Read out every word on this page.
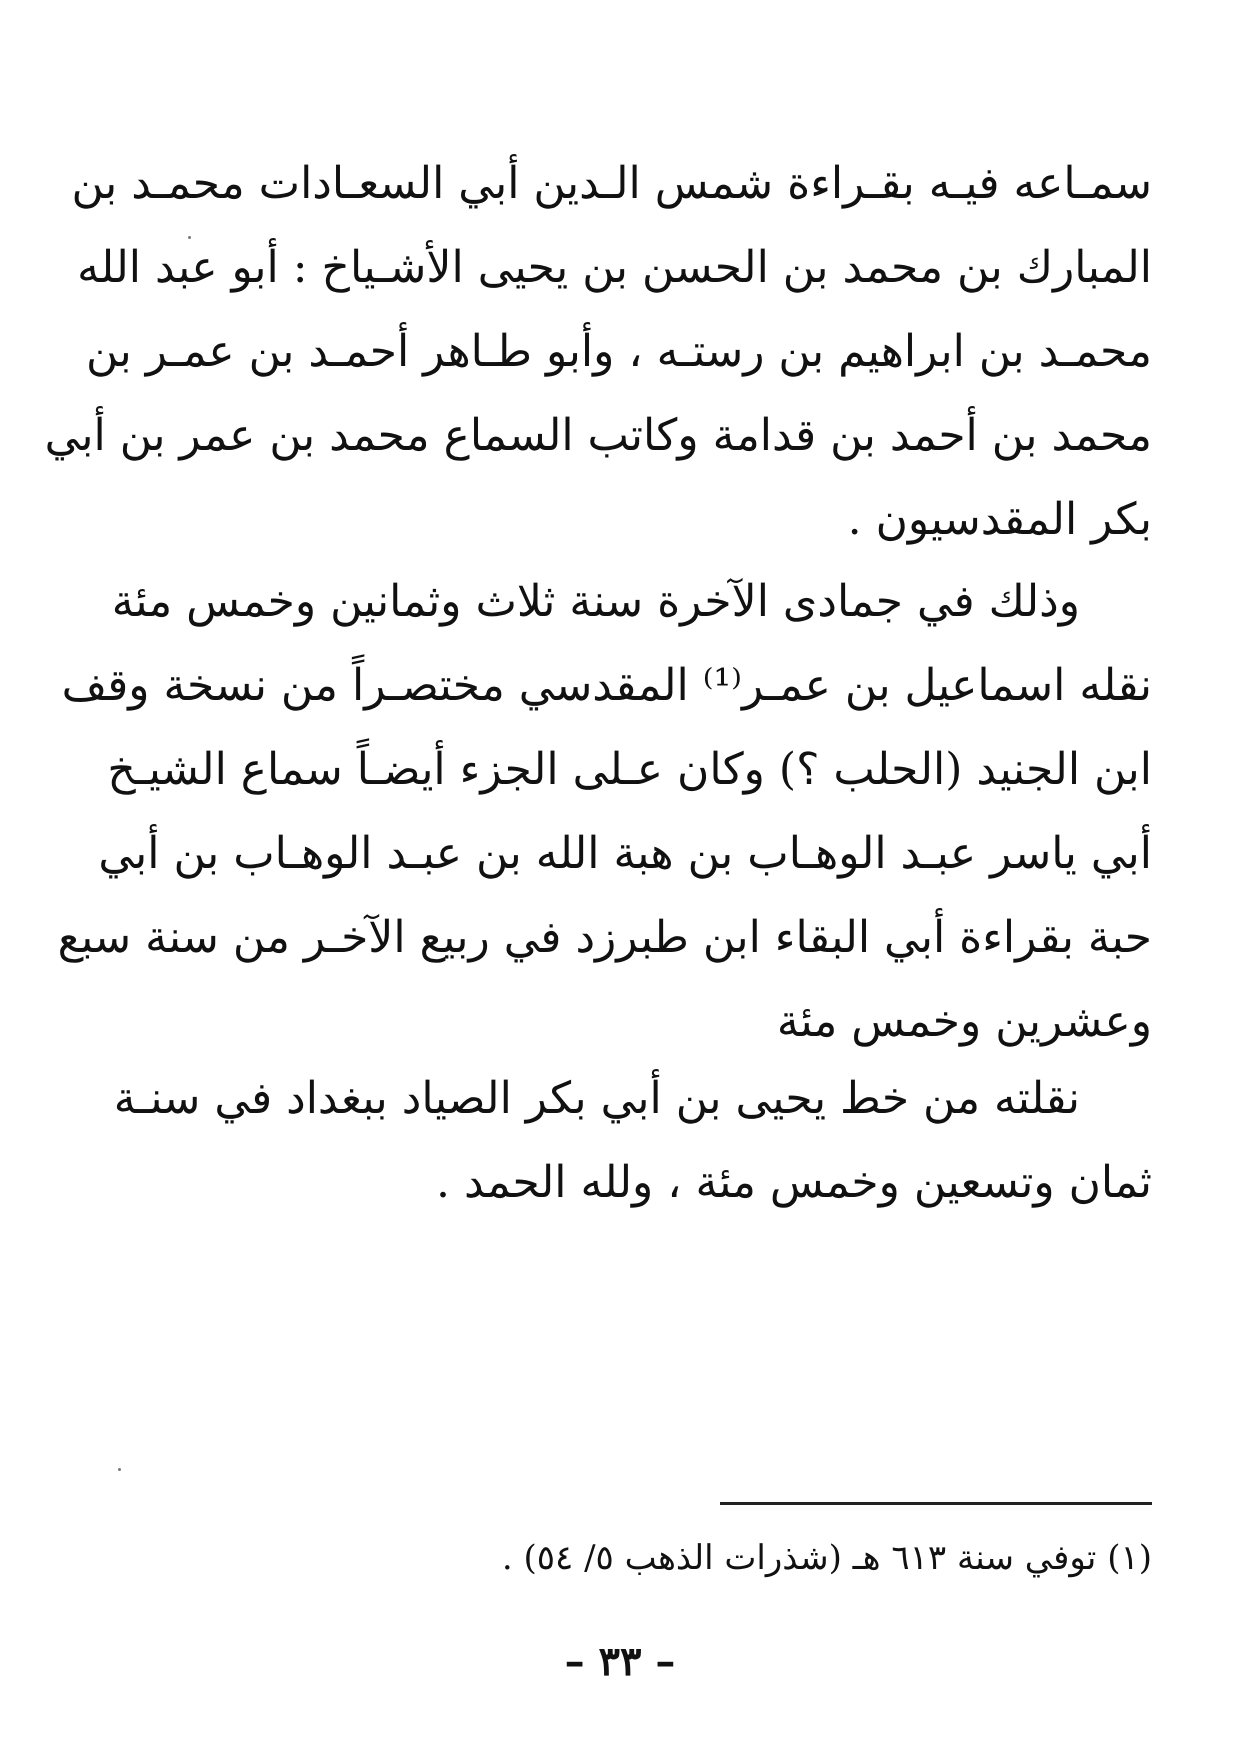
سمـاعه فيـه بقـراءة شمس الـدين أبي السعـادات محمـد بن
المبارك بن محمد بن الحسن بن يحيى الأشـياخ : أبو عبد الله
محمـد بن ابراهيم بن رستـه ، وأبو طـاهر أحمـد بن عمـر بن
محمد بن أحمد بن قدامة وكاتب السماع محمد بن عمر بن أبي
بكر المقدسيون .
وذلك في جمادى الآخرة سنة ثلاث وثمانين وخمس مئة
نقله اسماعيل بن عمـر⁽¹⁾ المقدسي مختصـراً من نسخة وقف
ابن الجنيد (الحلب ؟) وكان عـلى الجزء أيضـاً سماع الشيـخ
أبي ياسر عبـد الوهـاب بن هبة الله بن عبـد الوهـاب بن أبي
حبة بقراءة أبي البقاء ابن طبرزد في ربيع الآخـر من سنة سبع
وعشرين وخمس مئة
نقلته من خط يحيى بن أبي بكر الصياد ببغداد في سنـة
ثمان وتسعين وخمس مئة ، ولله الحمد .
(١) توفي سنة ٦١٣ هـ (شذرات الذهب ٥/ ٥٤) .
– ٣٣ –
